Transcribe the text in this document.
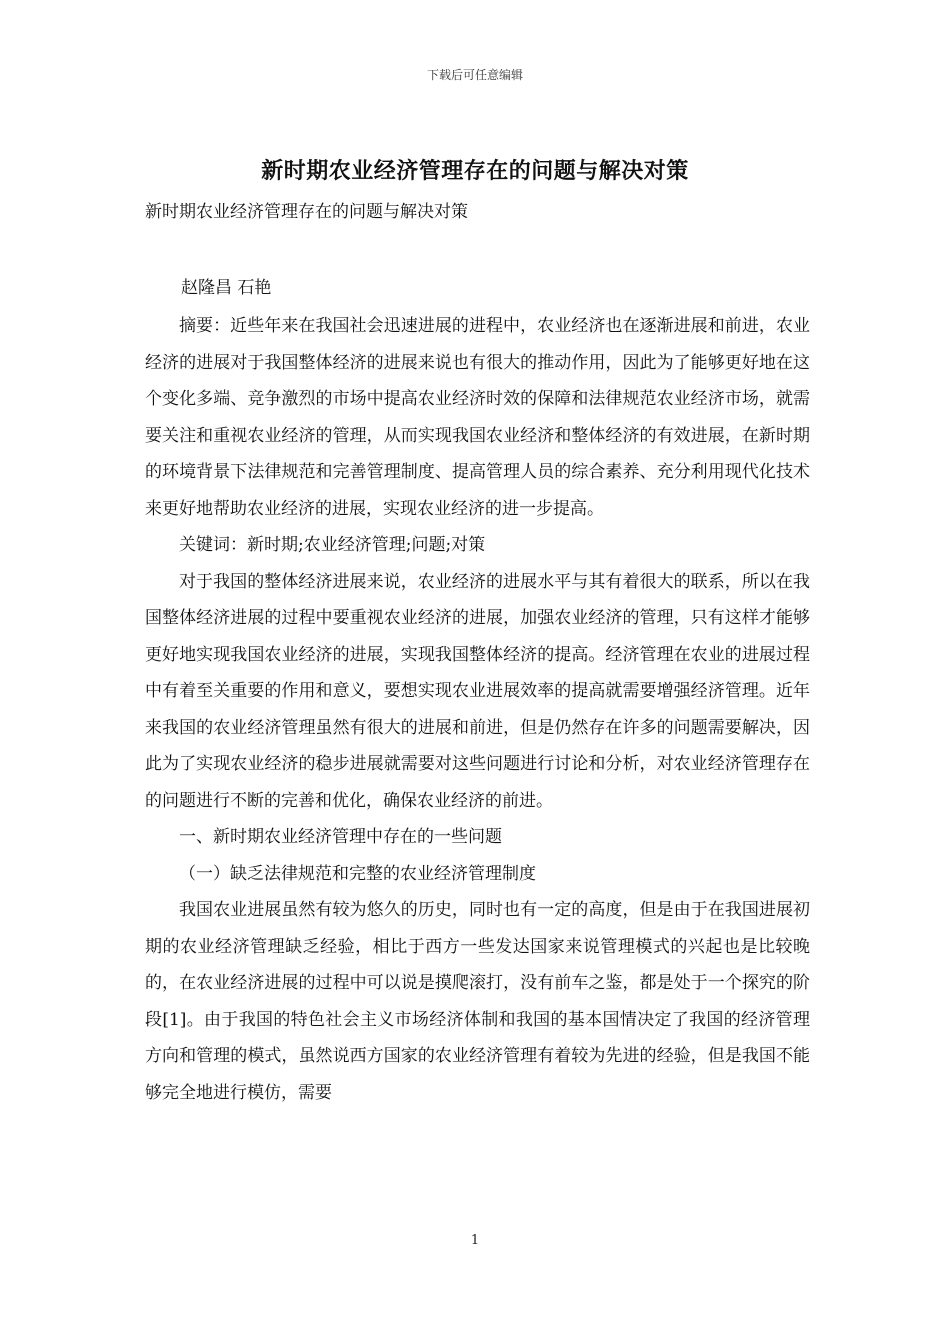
下载后可任意编辑
新时期农业经济管理存在的问题与解决对策
新时期农业经济管理存在的问题与解决对策
赵隆昌 石艳

摘要：近些年来在我国社会迅速进展的进程中，农业经济也在逐渐进展和前进，农业经济的进展对于我国整体经济的进展来说也有很大的推动作用，因此为了能够更好地在这个变化多端、竞争激烈的市场中提高农业经济时效的保障和法律规范农业经济市场，就需要关注和重视农业经济的管理，从而实现我国农业经济和整体经济的有效进展，在新时期的环境背景下法律规范和完善管理制度、提高管理人员的综合素养、充分利用现代化技术来更好地帮助农业经济的进展，实现农业经济的进一步提高。

关键词：新时期;农业经济管理;问题;对策

对于我国的整体经济进展来说，农业经济的进展水平与其有着很大的联系，所以在我国整体经济进展的过程中要重视农业经济的进展，加强农业经济的管理，只有这样才能够更好地实现我国农业经济的进展，实现我国整体经济的提高。经济管理在农业的进展过程中有着至关重要的作用和意义，要想实现农业进展效率的提高就需要增强经济管理。近年来我国的农业经济管理虽然有很大的进展和前进，但是仍然存在许多的问题需要解决，因此为了实现农业经济的稳步进展就需要对这些问题进行讨论和分析，对农业经济管理存在的问题进行不断的完善和优化，确保农业经济的前进。

一、新时期农业经济管理中存在的一些问题

（一）缺乏法律规范和完整的农业经济管理制度

我国农业进展虽然有较为悠久的历史，同时也有一定的高度，但是由于在我国进展初期的农业经济管理缺乏经验，相比于西方一些发达国家来说管理模式的兴起也是比较晚的，在农业经济进展的过程中可以说是摸爬滚打，没有前车之鉴，都是处于一个探究的阶段[1]。由于我国的特色社会主义市场经济体制和我国的基本国情决定了我国的经济管理方向和管理的模式，虽然说西方国家的农业经济管理有着较为先进的经验，但是我国不能够完全地进行模仿，需要

1
